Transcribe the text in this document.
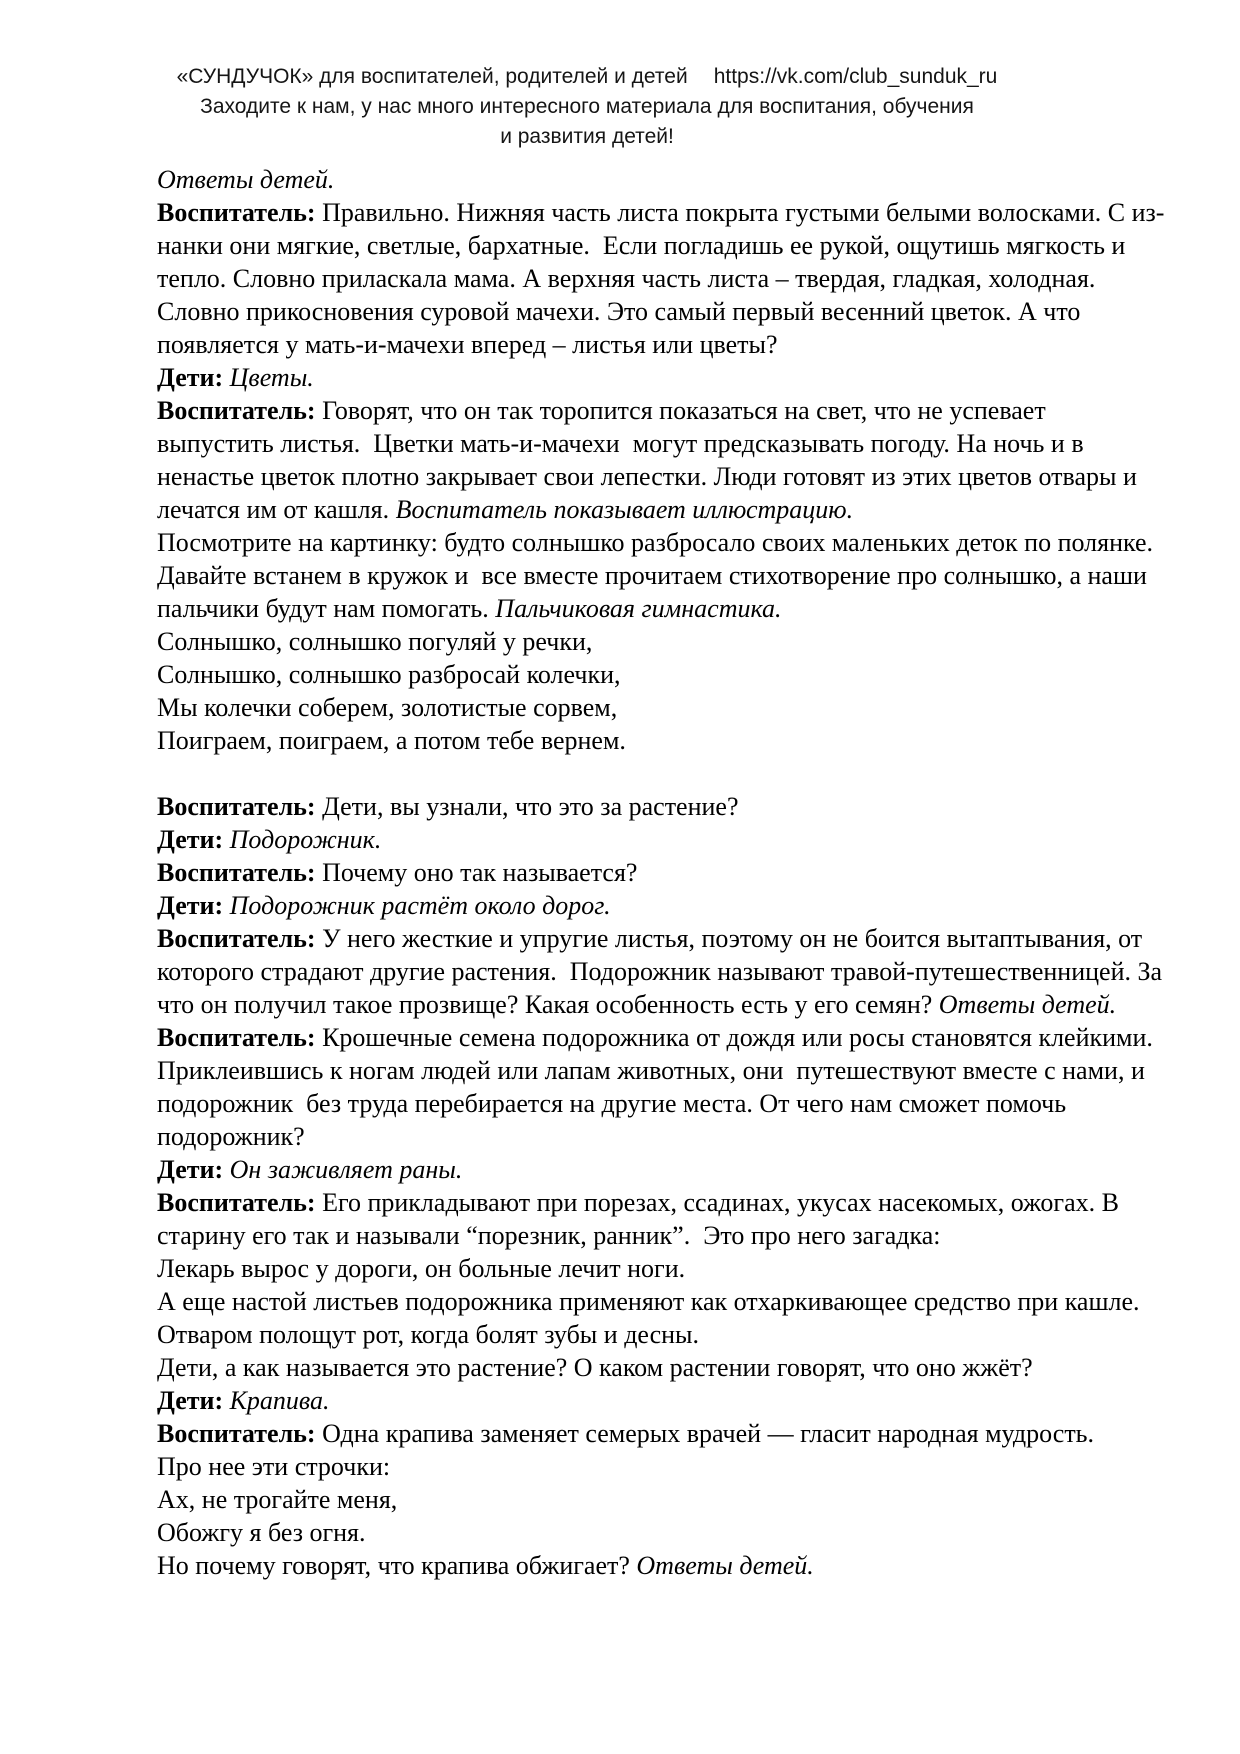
«СУНДУЧОК» для воспитателей, родителей и детей https://vk.com/club_sunduk_ru
Заходите к нам, у нас много интересного материала для воспитания, обучения
и развития детей!
Ответы детей.
Воспитатель: Правильно. Нижняя часть листа покрыта густыми белыми волосками. С из-
нанки они мягкие, светлые, бархатные.  Если погладишь ее рукой, ощутишь мягкость и
тепло. Словно приласкала мама. А верхняя часть листа – твердая, гладкая, холодная.
Словно прикосновения суровой мачехи. Это самый первый весенний цветок. А что
появляется у мать-и-мачехи вперед – листья или цветы?
Дети: Цветы.
Воспитатель: Говорят, что он так торопится показаться на свет, что не успевает
выпустить листья.  Цветки мать-и-мачехи  могут предсказывать погоду. На ночь и в
ненастье цветок плотно закрывает свои лепестки. Люди готовят из этих цветов отвары и
лечатся им от кашля. Воспитатель показывает иллюстрацию.
Посмотрите на картинку: будто солнышко разбросало своих маленьких деток по полянке.
Давайте встанем в кружок и  все вместе прочитаем стихотворение про солнышко, а наши
пальчики будут нам помогать. Пальчиковая гимнастика.
Солнышко, солнышко погуляй у речки,
Солнышко, солнышко разбросай колечки,
Мы колечки соберем, золотистые сорвем,
Поиграем, поиграем, а потом тебе вернем.
Воспитатель: Дети, вы узнали, что это за растение?
Дети: Подорожник.
Воспитатель: Почему оно так называется?
Дети: Подорожник растёт около дорог.
Воспитатель: У него жесткие и упругие листья, поэтому он не боится вытаптывания, от
которого страдают другие растения.  Подорожник называют травой-путешественницей. За
что он получил такое прозвище? Какая особенность есть у его семян? Ответы детей.
Воспитатель: Крошечные семена подорожника от дождя или росы становятся клейкими.
Приклеившись к ногам людей или лапам животных, они  путешествуют вместе с нами, и
подорожник  без труда перебирается на другие места. От чего нам сможет помочь
подорожник?
Дети: Он заживляет раны.
Воспитатель: Его прикладывают при порезах, ссадинах, укусах насекомых, ожогах. В
старину его так и называли “порезник, ранник”.  Это про него загадка:
Лекарь вырос у дороги, он больные лечит ноги.
А еще настой листьев подорожника применяют как отхаркивающее средство при кашле.
Отваром полощут рот, когда болят зубы и десны.
Дети, а как называется это растение? О каком растении говорят, что оно жжёт?
Дети: Крапива.
Воспитатель: Одна крапива заменяет семерых врачей — гласит народная мудрость.
Про нее эти строчки:
Ах, не трогайте меня,
Обожгу я без огня.
Но почему говорят, что крапива обжигает? Ответы детей.
